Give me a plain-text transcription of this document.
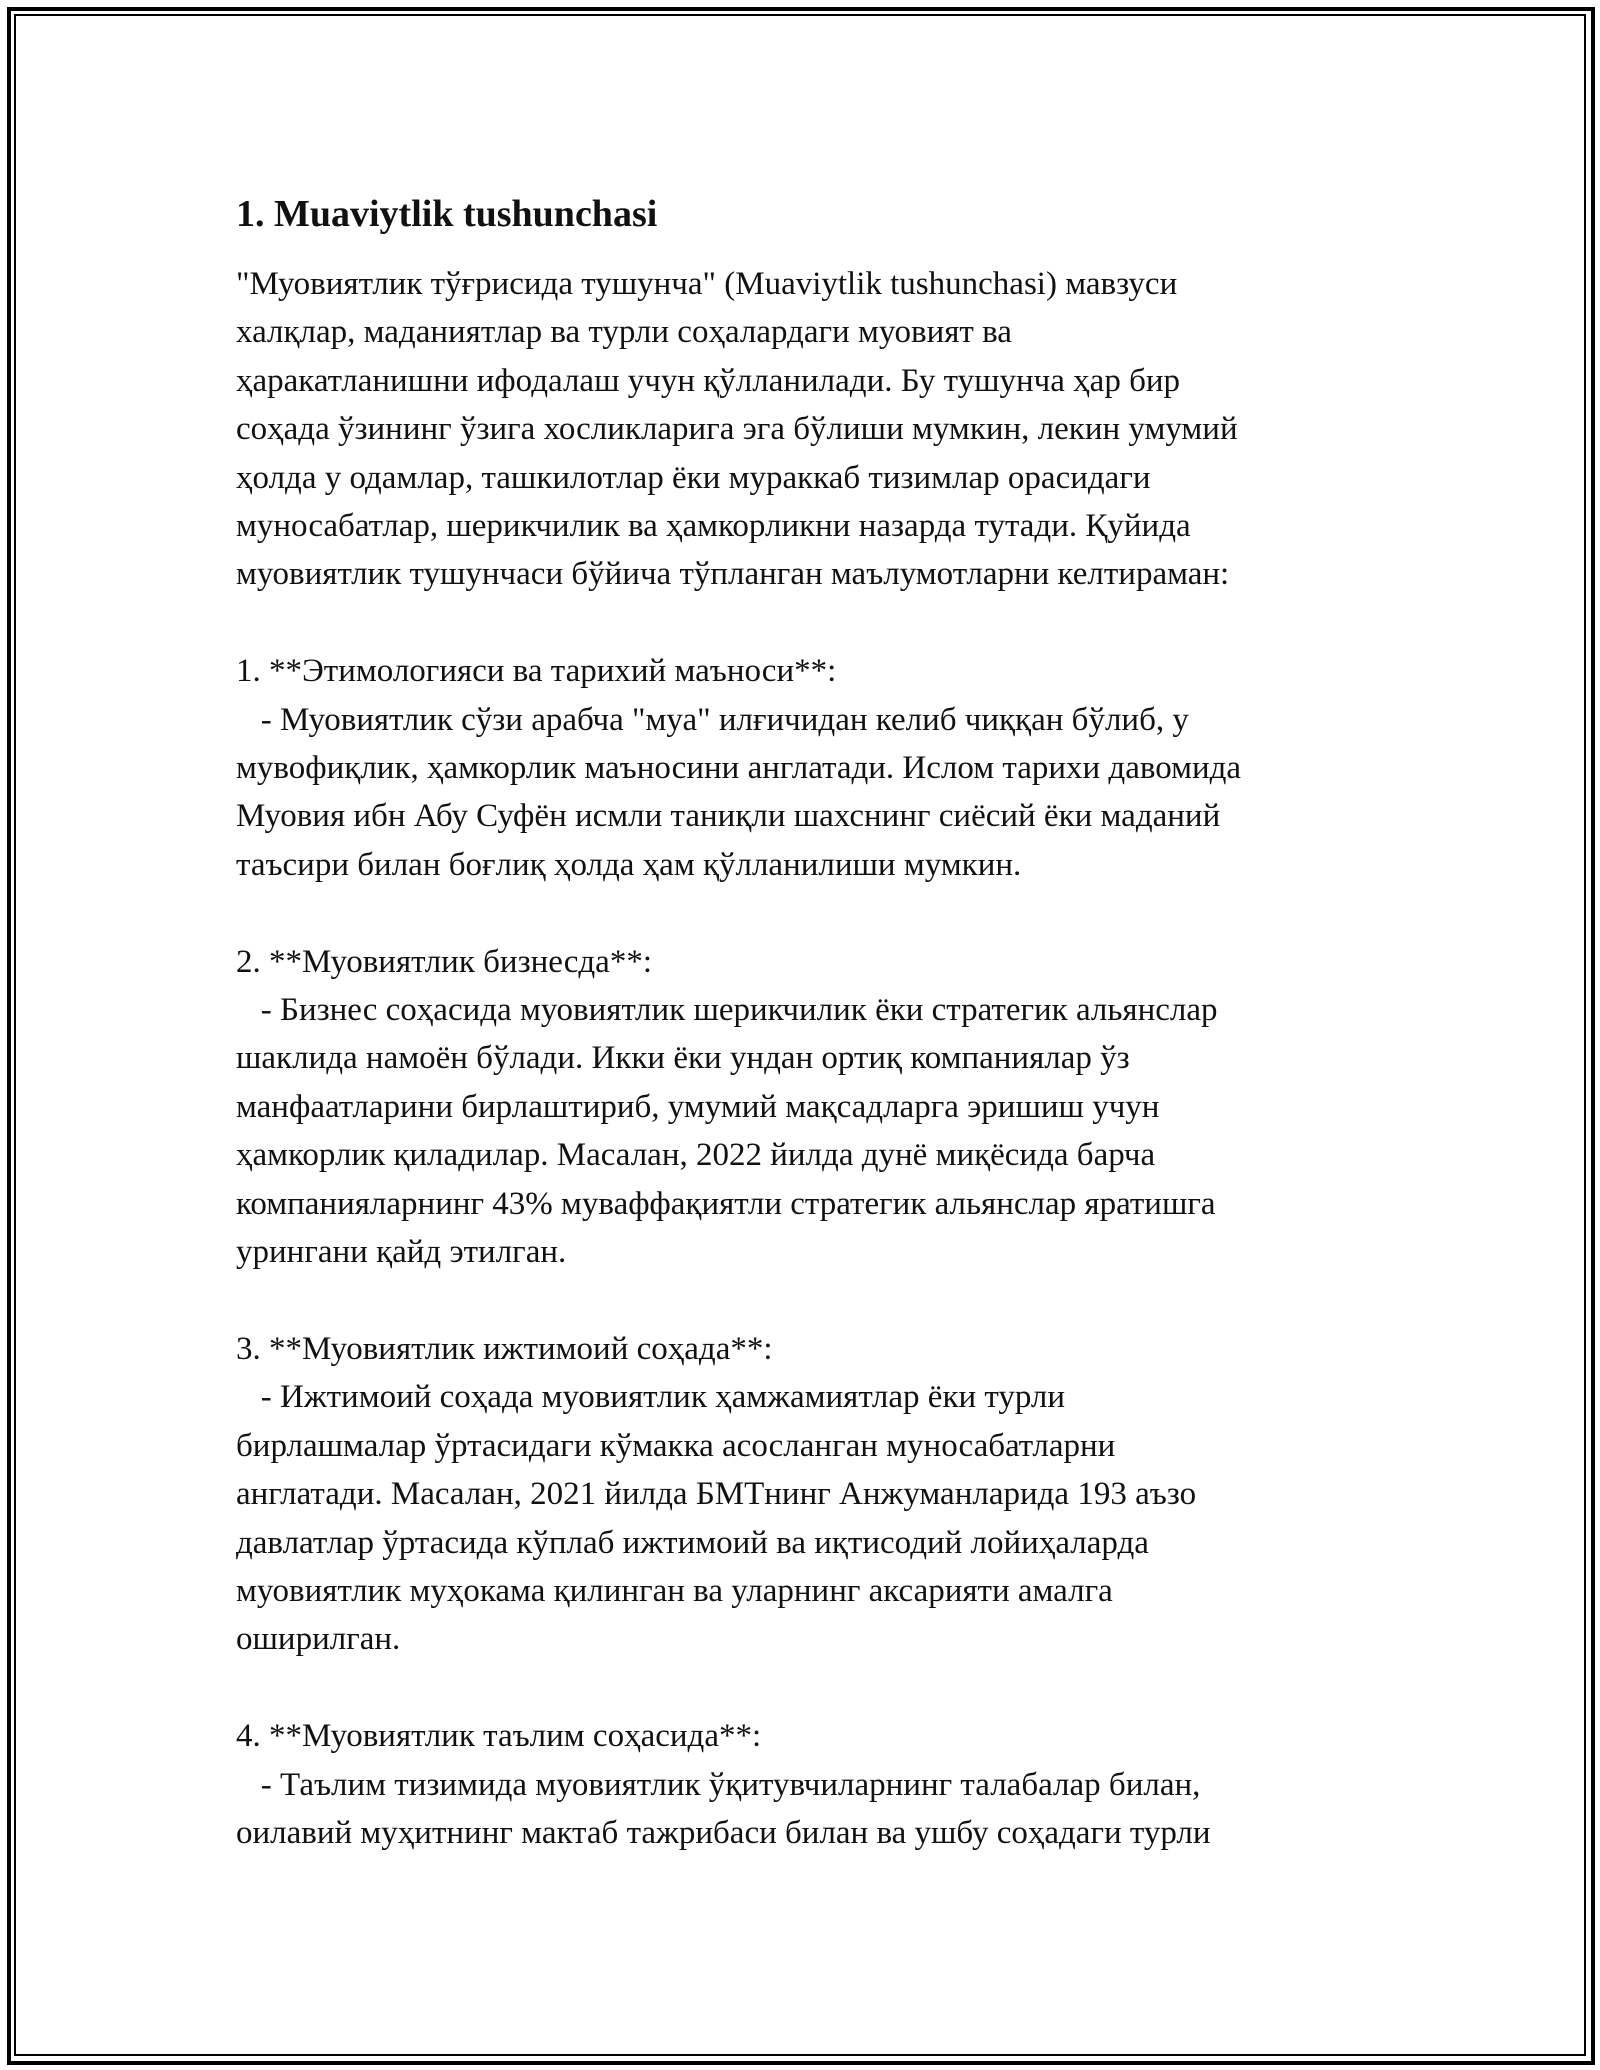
1. Muaviytlik tushunchasi
"Муовиятлик тўғрисида тушунча" (Muaviytlik tushunchasi) мавзуси
халқлар, маданиятлар ва турли соҳалардаги муовият ва
ҳаракатланишни ифодалаш учун қўлланилади. Бу тушунча ҳар бир
соҳада ўзининг ўзига хосликларига эга бўлиши мумкин, лекин умумий
ҳолда у одамлар, ташкилотлар ёки мураккаб тизимлар орасидаги
муносабатлар, шерикчилик ва ҳамкорликни назарда тутади. Қуйида
муовиятлик тушунчаси бўйича тўпланган маълумотларни келтираман:
1. **Этимологияси ва тарихий маъноси**:
- Муовиятлик сўзи арабча "муа" илғичидан келиб чиққан бўлиб, у
мувофиқлик, ҳамкорлик маъносини англатади. Ислом тарихи давомида
Муовия ибн Абу Суфён исмли таниқли шахснинг сиёсий ёки маданий
таъсири билан боғлиқ ҳолда ҳам қўлланилиши мумкин.
2. **Муовиятлик бизнесда**:
- Бизнес соҳасида муовиятлик шерикчилик ёки стратегик альянслар
шаклида намоён бўлади. Икки ёки ундан ортиқ компаниялар ўз
манфаатларини бирлаштириб, умумий мақсадларга эришиш учун
ҳамкорлик қиладилар. Масалан, 2022 йилда дунё миқёсида барча
компанияларнинг 43% муваффақиятли стратегик альянслар яратишга
урингани қайд этилган.
3. **Муовиятлик ижтимоий соҳада**:
- Ижтимоий соҳада муовиятлик ҳамжамиятлар ёки турли
бирлашмалар ўртасидаги кўмакка асосланган муносабатларни
англатади. Масалан, 2021 йилда БМТнинг Анжуманларида 193 аъзо
давлатлар ўртасида кўплаб ижтимоий ва иқтисодий лойиҳаларда
муовиятлик муҳокама қилинган ва уларнинг аксарияти амалга
оширилган.
4. **Муовиятлик таълим соҳасида**:
- Таълим тизимида муовиятлик ўқитувчиларнинг талабалар билан,
оилавий муҳитнинг мактаб тажрибаси билан ва ушбу соҳадаги турли
